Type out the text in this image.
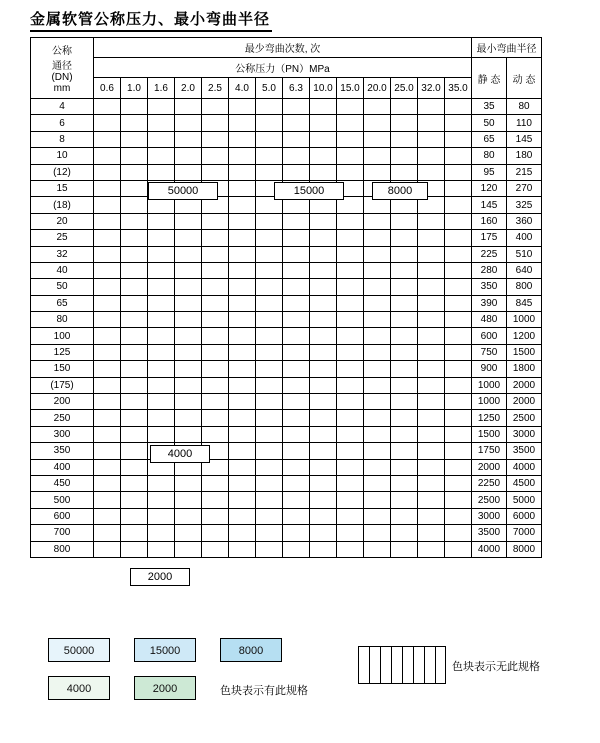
金属软管公称压力、最小弯曲半径
公称
通径
(DN)
mm	最少弯曲次数, 次														最小弯曲半径	
	公称压力（PN）MPa														静 态	动 态
	0.6	1.0	1.6	2.0	2.5	4.0	5.0	6.3	10.0	15.0	20.0	25.0	32.0	35.0		
4															35	80
6															50	110
8															65	145
10															80	180
(12)															95	215
15															120	270
(18)															145	325
20															160	360
25															175	400
32															225	510
40															280	640
50															350	800
65															390	845
80															480	1000
100															600	1200
125															750	1500
150															900	1800
(175)															1000	2000
200															1000	2000
250															1250	2500
300															1500	3000
350															1750	3500
400															2000	4000
450															2250	4500
500															2500	5000
600															3000	6000
700															3500	7000
800															4000	8000
50000	15000	8000
4000
2000
50000	15000	8000
4000	2000	色块表示有此规格
色块表示无此规格
